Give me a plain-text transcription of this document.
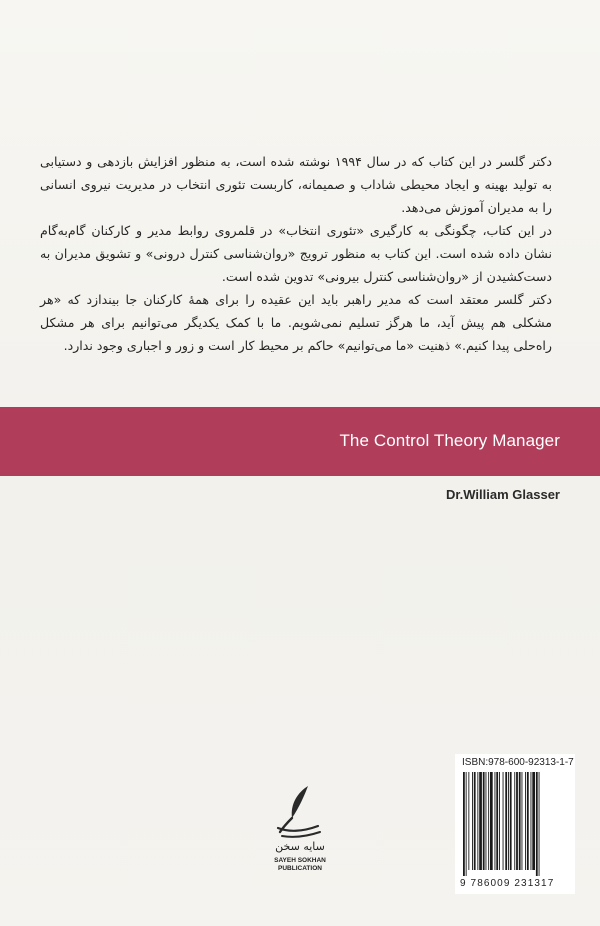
دکتر گلسر در این کتاب که در سال ۱۹۹۴ نوشته شده است، به منظور افزایش بازدهی و دستیابی به تولید بهینه و ایجاد محیطی شاداب و صمیمانه، کاربست تئوری انتخاب در مدیریت نیروی انسانی را به مدیران آموزش می‌دهد.

در این کتاب، چگونگی به کارگیری «تئوری انتخاب» در قلمروی روابط مدیر و کارکنان گام‌به‌گام نشان داده شده است. این کتاب به منظور ترویج «روان‌شناسی کنترل درونی» و تشویق مدیران به دست‌کشیدن از «روان‌شناسی کنترل بیرونی» تدوین شده است.

دکتر گلسر معتقد است که مدیر راهبر باید این عقیده را برای همهٔ کارکنان جا بیندازد که «هر مشکلی هم پیش آید، ما هرگز تسلیم نمی‌شویم. ما با کمک یکدیگر می‌توانیم برای هر مشکل راه‌حلی پیدا کنیم.» ذهنیت «ما می‌توانیم» حاکم بر محیط کار است و زور و اجباری وجود ندارد.

The Control Theory Manager
Dr.William Glasser
سایه سخن
SAYEH SOKHAN
PUBLICATION
ISBN:978-600-92313-1-7
9 786009 231317
